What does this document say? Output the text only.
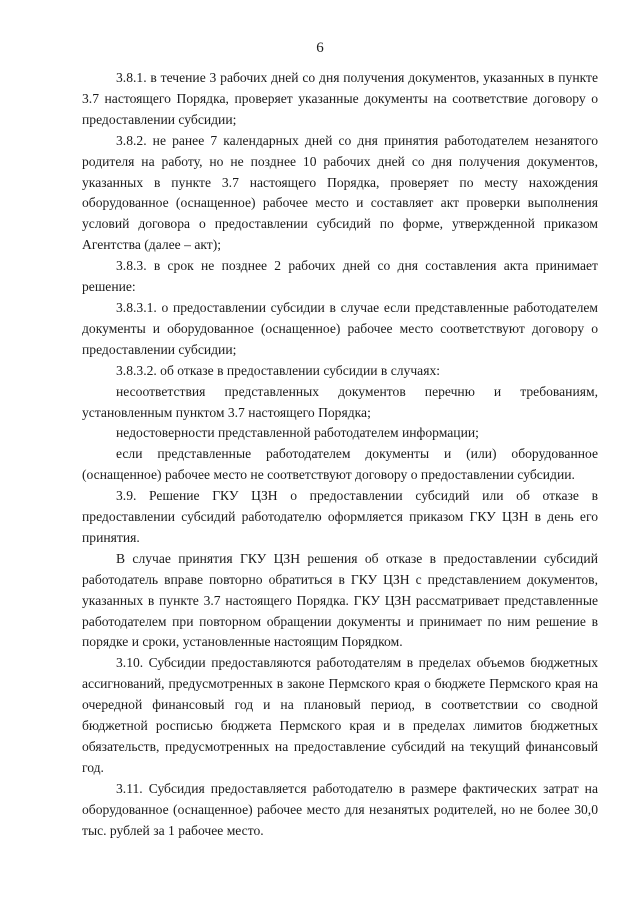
6

3.8.1. в течение 3 рабочих дней со дня получения документов, указанных в пункте 3.7 настоящего Порядка, проверяет указанные документы на соответствие договору о предоставлении субсидии;

3.8.2. не ранее 7 календарных дней со дня принятия работодателем незанятого родителя на работу, но не позднее 10 рабочих дней со дня получения документов, указанных в пункте 3.7 настоящего Порядка, проверяет по месту нахождения оборудованное (оснащенное) рабочее место и составляет акт проверки выполнения условий договора о предоставлении субсидий по форме, утвержденной приказом Агентства (далее – акт);

3.8.3. в срок не позднее 2 рабочих дней со дня составления акта принимает решение:

3.8.3.1. о предоставлении субсидии в случае если представленные работодателем документы и оборудованное (оснащенное) рабочее место соответствуют договору о предоставлении субсидии;

3.8.3.2. об отказе в предоставлении субсидии в случаях:

несоответствия представленных документов перечню и требованиям, установленным пунктом 3.7 настоящего Порядка;

недостоверности представленной работодателем информации;

если представленные работодателем документы и (или) оборудованное (оснащенное) рабочее место не соответствуют договору о предоставлении субсидии.

3.9. Решение ГКУ ЦЗН о предоставлении субсидий или об отказе в предоставлении субсидий работодателю оформляется приказом ГКУ ЦЗН в день его принятия.

В случае принятия ГКУ ЦЗН решения об отказе в предоставлении субсидий работодатель вправе повторно обратиться в ГКУ ЦЗН с представлением документов, указанных в пункте 3.7 настоящего Порядка. ГКУ ЦЗН рассматривает представленные работодателем при повторном обращении документы и принимает по ним решение в порядке и сроки, установленные настоящим Порядком.

3.10. Субсидии предоставляются работодателям в пределах объемов бюджетных ассигнований, предусмотренных в законе Пермского края о бюджете Пермского края на очередной финансовый год и на плановый период, в соответствии со сводной бюджетной росписью бюджета Пермского края и в пределах лимитов бюджетных обязательств, предусмотренных на предоставление субсидий на текущий финансовый год.

3.11. Субсидия предоставляется работодателю в размере фактических затрат на оборудованное (оснащенное) рабочее место для незанятых родителей, но не более 30,0 тыс. рублей за 1 рабочее место.
